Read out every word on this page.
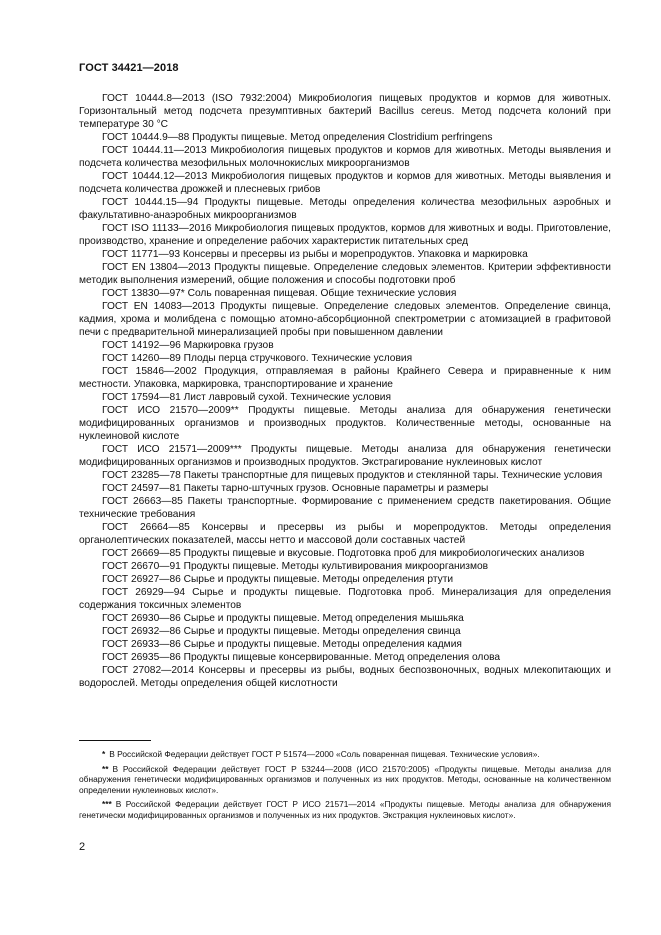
ГОСТ 34421—2018

ГОСТ 10444.8—2013 (ISO 7932:2004) Микробиология пищевых продуктов и кормов для животных. Горизонтальный метод подсчета презумптивных бактерий Bacillus cereus. Метод подсчета колоний при температуре 30 °C

ГОСТ 10444.9—88 Продукты пищевые. Метод определения Clostridium perfringens

ГОСТ 10444.11—2013 Микробиология пищевых продуктов и кормов для животных. Методы выявления и подсчета количества мезофильных молочнокислых микроорганизмов

ГОСТ 10444.12—2013 Микробиология пищевых продуктов и кормов для животных. Методы выявления и подсчета количества дрожжей и плесневых грибов

ГОСТ 10444.15—94 Продукты пищевые. Методы определения количества мезофильных аэробных и факультативно-анаэробных микроорганизмов

ГОСТ ISO 11133—2016 Микробиология пищевых продуктов, кормов для животных и воды. Приготовление, производство, хранение и определение рабочих характеристик питательных сред

ГОСТ 11771—93 Консервы и пресервы из рыбы и морепродуктов. Упаковка и маркировка

ГОСТ EN 13804—2013 Продукты пищевые. Определение следовых элементов. Критерии эффективности методик выполнения измерений, общие положения и способы подготовки проб

ГОСТ 13830—97* Соль поваренная пищевая. Общие технические условия

ГОСТ EN 14083—2013 Продукты пищевые. Определение следовых элементов. Определение свинца, кадмия, хрома и молибдена с помощью атомно-абсорбционной спектрометрии с атомизацией в графитовой печи с предварительной минерализацией пробы при повышенном давлении

ГОСТ 14192—96 Маркировка грузов

ГОСТ 14260—89 Плоды перца стручкового. Технические условия

ГОСТ 15846—2002 Продукция, отправляемая в районы Крайнего Севера и приравненные к ним местности. Упаковка, маркировка, транспортирование и хранение

ГОСТ 17594—81 Лист лавровый сухой. Технические условия

ГОСТ ИСО 21570—2009** Продукты пищевые. Методы анализа для обнаружения генетически модифицированных организмов и производных продуктов. Количественные методы, основанные на нуклеиновой кислоте

ГОСТ ИСО 21571—2009*** Продукты пищевые. Методы анализа для обнаружения генетически модифицированных организмов и производных продуктов. Экстрагирование нуклеиновых кислот

ГОСТ 23285—78 Пакеты транспортные для пищевых продуктов и стеклянной тары. Технические условия

ГОСТ 24597—81 Пакеты тарно-штучных грузов. Основные параметры и размеры

ГОСТ 26663—85 Пакеты транспортные. Формирование с применением средств пакетирования. Общие технические требования

ГОСТ 26664—85 Консервы и пресервы из рыбы и морепродуктов. Методы определения органолептических показателей, массы нетто и массовой доли составных частей

ГОСТ 26669—85 Продукты пищевые и вкусовые. Подготовка проб для микробиологических анализов

ГОСТ 26670—91 Продукты пищевые. Методы культивирования микроорганизмов

ГОСТ 26927—86 Сырье и продукты пищевые. Методы определения ртути

ГОСТ 26929—94 Сырье и продукты пищевые. Подготовка проб. Минерализация для определения содержания токсичных элементов

ГОСТ 26930—86 Сырье и продукты пищевые. Метод определения мышьяка

ГОСТ 26932—86 Сырье и продукты пищевые. Методы определения свинца

ГОСТ 26933—86 Сырье и продукты пищевые. Методы определения кадмия

ГОСТ 26935—86 Продукты пищевые консервированные. Метод определения олова

ГОСТ 27082—2014 Консервы и пресервы из рыбы, водных беспозвоночных, водных млекопитающих и водорослей. Методы определения общей кислотности

* В Российской Федерации действует ГОСТ Р 51574—2000 «Соль поваренная пищевая. Технические условия».

** В Российской Федерации действует ГОСТ Р 53244—2008 (ИСО 21570:2005) «Продукты пищевые. Методы анализа для обнаружения генетически модифицированных организмов и полученных из них продуктов. Методы, основанные на количественном определении нуклеиновых кислот».

*** В Российской Федерации действует ГОСТ Р ИСО 21571—2014 «Продукты пищевые. Методы анализа для обнаружения генетически модифицированных организмов и полученных из них продуктов. Экстракция нуклеиновых кислот».

2
